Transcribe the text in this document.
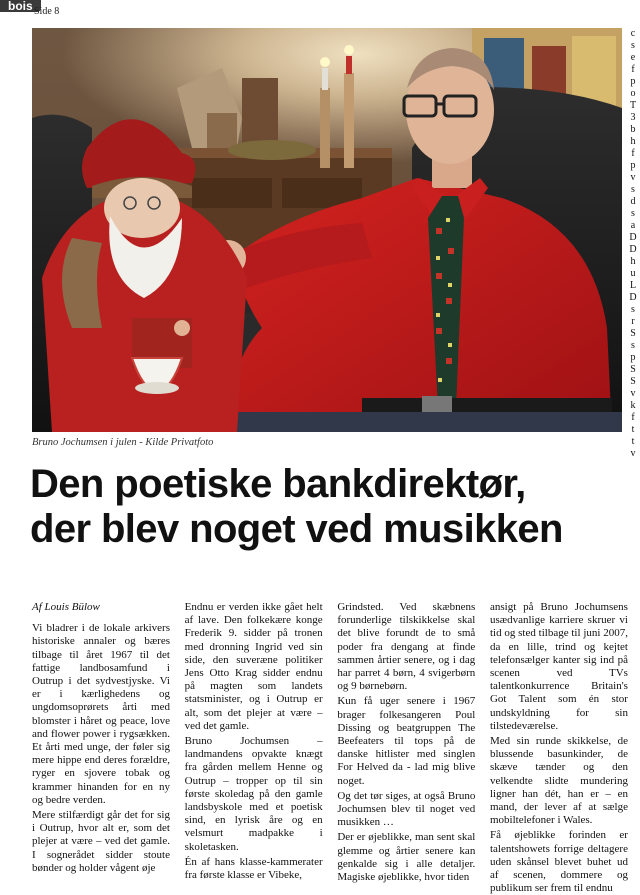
bois Side 8
c
s
e
f
p
o
T
3
b
h
f
p
v
s
d
s
a
D
D
h
u
L
D
s
r
S
s
p
S
S
v
k
f
t
t
v
Bruno Jochumsen i julen - Kilde Privatfoto
Den poetiske bankdirektør,
der blev noget ved musikken

Af Louis Bülow

Vi bladrer i de lokale arkivers historiske annaler og bæres tilbage til året 1967 til det fattige landbosamfund i Outrup i det sydvestjyske. Vi er i kærlighedens og ungdomsoprørets årti med blomster i håret og peace, love and flower power i rygsækken. Et årti med unge, der føler sig mere hippe end deres forældre, ryger en sjovere tobak og krammer hinanden for en ny og bedre verden.

Mere stilfærdigt går det for sig i Outrup, hvor alt er, som det plejer at være – ved det gamle. I sognerådet sidder stoute bønder og holder vågent øje

Endnu er verden ikke gået helt af lave. Den folkekære konge Frederik 9. sidder på tronen med dronning Ingrid ved sin side, den suveræne politiker Jens Otto Krag sidder endnu på magten som landets statsminister, og i Outrup er alt, som det plejer at være – ved det gamle.

Bruno Jochumsen – landmandens opvakte knægt fra gården mellem Henne og Outrup – tropper op til sin første skoledag på den gamle landsbyskole med et poetisk sind, en lyrisk åre og en velsmurt madpakke i skoletasken.

Én af hans klasse-kammerater fra første klasse er Vibeke,

Grindsted. Ved skæbnens forunderlige tilskikkelse skal det blive forundt de to små poder fra dengang at finde sammen årtier senere, og i dag har parret 4 børn, 4 svigerbørn og 9 børnebørn.

Kun få uger senere i 1967 brager folkesangeren Poul Dissing og beatgruppen The Beefeaters til tops på de danske hitlister med singlen For Helved da - lad mig blive noget.

Og det tør siges, at også Bruno Jochumsen blev til noget ved musikken …

Der er øjeblikke, man sent skal glemme og årtier senere kan genkalde sig i alle detaljer. Magiske øjeblikke, hvor tiden

ansigt på Bruno Jochumsens usædvanlige karriere skruer vi tid og sted tilbage til juni 2007, da en lille, trind og kejtet telefonsælger kanter sig ind på scenen ved TVs talentkonkurrence Britain's Got Talent som én stor undskyldning for sin tilstedeværelse.

Med sin runde skikkelse, de blussende basunkinder, de skæve tænder og den velkendte slidte mundering ligner han dét, han er – en mand, der lever af at sælge mobiltelefoner i Wales.

Få øjeblikke forinden er talentshowets forrige deltagere uden skånsel blevet buhet ud af scenen, dommere og publikum ser frem til endnu
